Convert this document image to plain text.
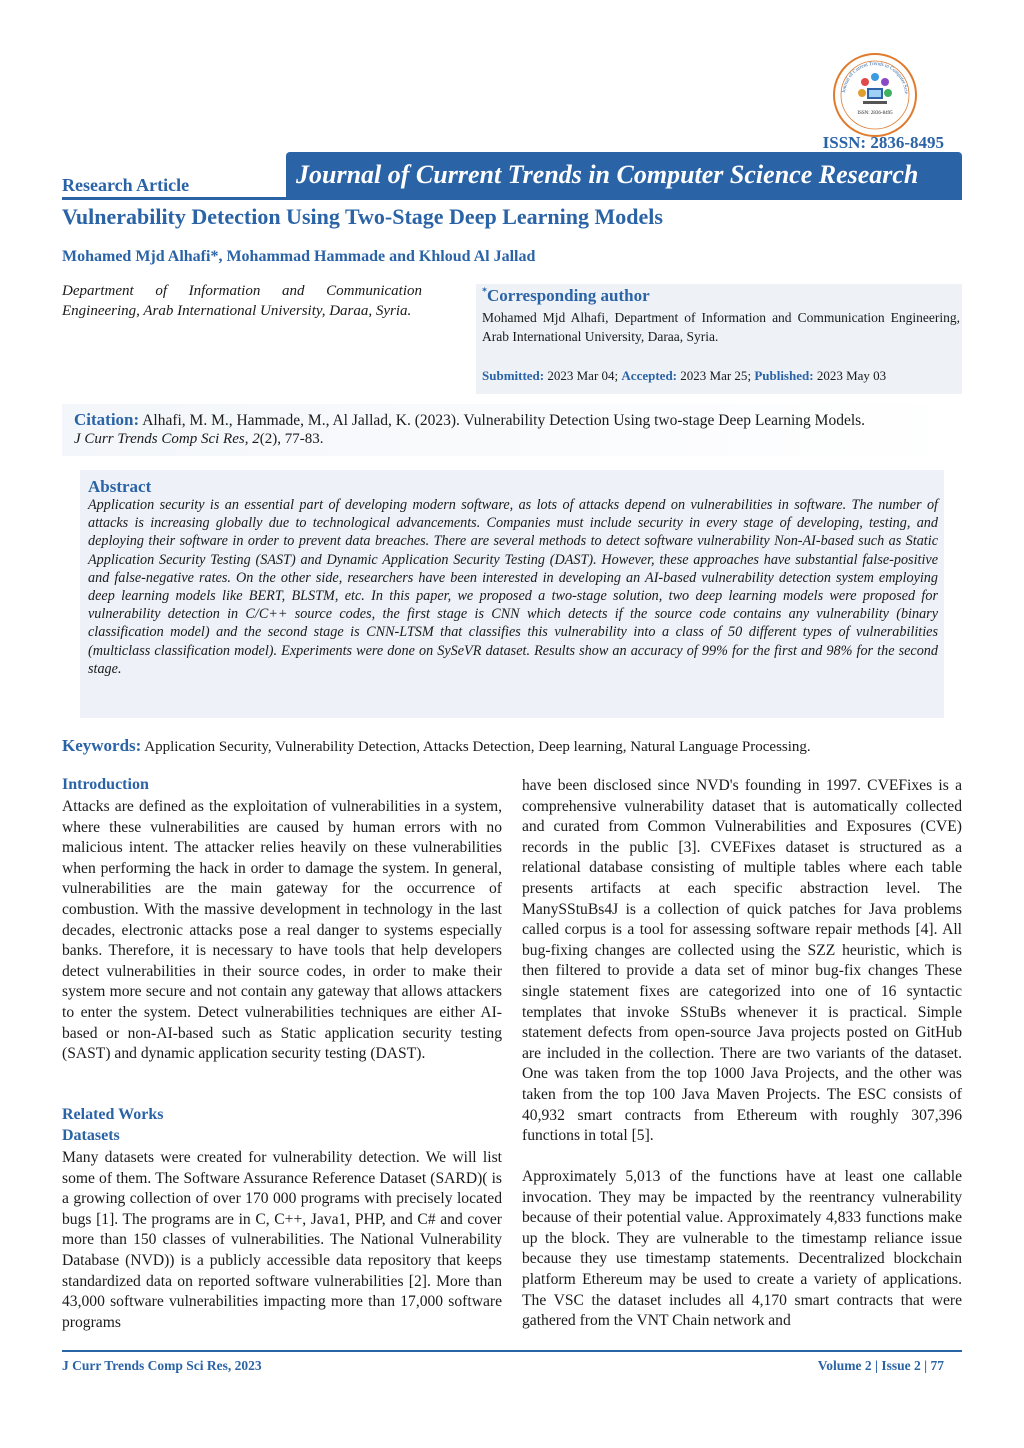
Journal of Current Trends in Computer Scie
ISSN: 2836-8495
ISSN: 2836-8495
Journal of Current Trends in Computer Science Research
Research Article
Vulnerability Detection Using Two-Stage Deep Learning Models
Mohamed Mjd Alhafi*, Mohammad Hammade and Khloud Al Jallad
Department of Information and Communication Engineering, Arab International University, Daraa, Syria.
*Corresponding author
Mohamed Mjd Alhafi, Department of Information and Communication Engineering, Arab International University, Daraa, Syria.
Submitted: 2023 Mar 04; Accepted: 2023 Mar 25; Published: 2023 May 03
Citation: Alhafi, M. M., Hammade, M., Al Jallad, K. (2023). Vulnerability Detection Using two-stage Deep Learning Models.
J Curr Trends Comp Sci Res, 2(2), 77-83.
Abstract
Application security is an essential part of developing modern software, as lots of attacks depend on vulnerabilities in software. The number of attacks is increasing globally due to technological advancements. Companies must include security in every stage of developing, testing, and deploying their software in order to prevent data breaches. There are several methods to detect software vulnerability Non-AI-based such as Static Application Security Testing (SAST) and Dynamic Application Security Testing (DAST). However, these approaches have substantial false-positive and false-negative rates. On the other side, researchers have been interested in developing an AI-based vulnerability detection system employing deep learning models like BERT, BLSTM, etc. In this paper, we proposed a two-stage solution, two deep learning models were proposed for vulnerability detection in C/C++ source codes, the first stage is CNN which detects if the source code contains any vulnerability (binary classification model) and the second stage is CNN-LTSM that classifies this vulnerability into a class of 50 different types of vulnerabilities (multiclass classification model). Experiments were done on SySeVR dataset. Results show an accuracy of 99% for the first and 98% for the second stage.
Keywords: Application Security, Vulnerability Detection, Attacks Detection, Deep learning, Natural Language Processing.
Introduction
Attacks are defined as the exploitation of vulnerabilities in a system, where these vulnerabilities are caused by human errors with no malicious intent. The attacker relies heavily on these vulnerabilities when performing the hack in order to damage the system. In general, vulnerabilities are the main gateway for the occurrence of combustion. With the massive development in technology in the last decades, electronic attacks pose a real danger to systems especially banks. Therefore, it is necessary to have tools that help developers detect vulnerabilities in their source codes, in order to make their system more secure and not contain any gateway that allows attackers to enter the system. Detect vulnerabilities techniques are either AI-based or non-AI-based such as Static application security testing (SAST) and dynamic application security testing (DAST).
Related Works
Datasets
Many datasets were created for vulnerability detection. We will list some of them. The Software Assurance Reference Dataset (SARD)( is a growing collection of over 170 000 programs with precisely located bugs [1]. The programs are in C, C++, Java1, PHP, and C# and cover more than 150 classes of vulnerabilities. The National Vulnerability Database (NVD)) is a publicly accessible data repository that keeps standardized data on reported software vulnerabilities [2]. More than 43,000 software vulnerabilities impacting more than 17,000 software programs
have been disclosed since NVD's founding in 1997. CVEFixes is a comprehensive vulnerability dataset that is automatically collected and curated from Common Vulnerabilities and Exposures (CVE) records in the public [3]. CVEFixes dataset is structured as a relational database consisting of multiple tables where each table presents artifacts at each specific abstraction level. The ManySStuBs4J is a collection of quick patches for Java problems called corpus is a tool for assessing software repair methods [4]. All bug-fixing changes are collected using the SZZ heuristic, which is then filtered to provide a data set of minor bug-fix changes These single statement fixes are categorized into one of 16 syntactic templates that invoke SStuBs whenever it is practical. Simple statement defects from open-source Java projects posted on GitHub are included in the collection. There are two variants of the dataset. One was taken from the top 1000 Java Projects, and the other was taken from the top 100 Java Maven Projects. The ESC consists of 40,932 smart contracts from Ethereum with roughly 307,396 functions in total [5].
Approximately 5,013 of the functions have at least one callable invocation. They may be impacted by the reentrancy vulnerability because of their potential value. Approximately 4,833 functions make up the block. They are vulnerable to the timestamp reliance issue because they use timestamp statements. Decentralized blockchain platform Ethereum may be used to create a variety of applications. The VSC the dataset includes all 4,170 smart contracts that were gathered from the VNT Chain network and
J Curr Trends Comp Sci Res, 2023	Volume 2 | Issue 2 | 77
